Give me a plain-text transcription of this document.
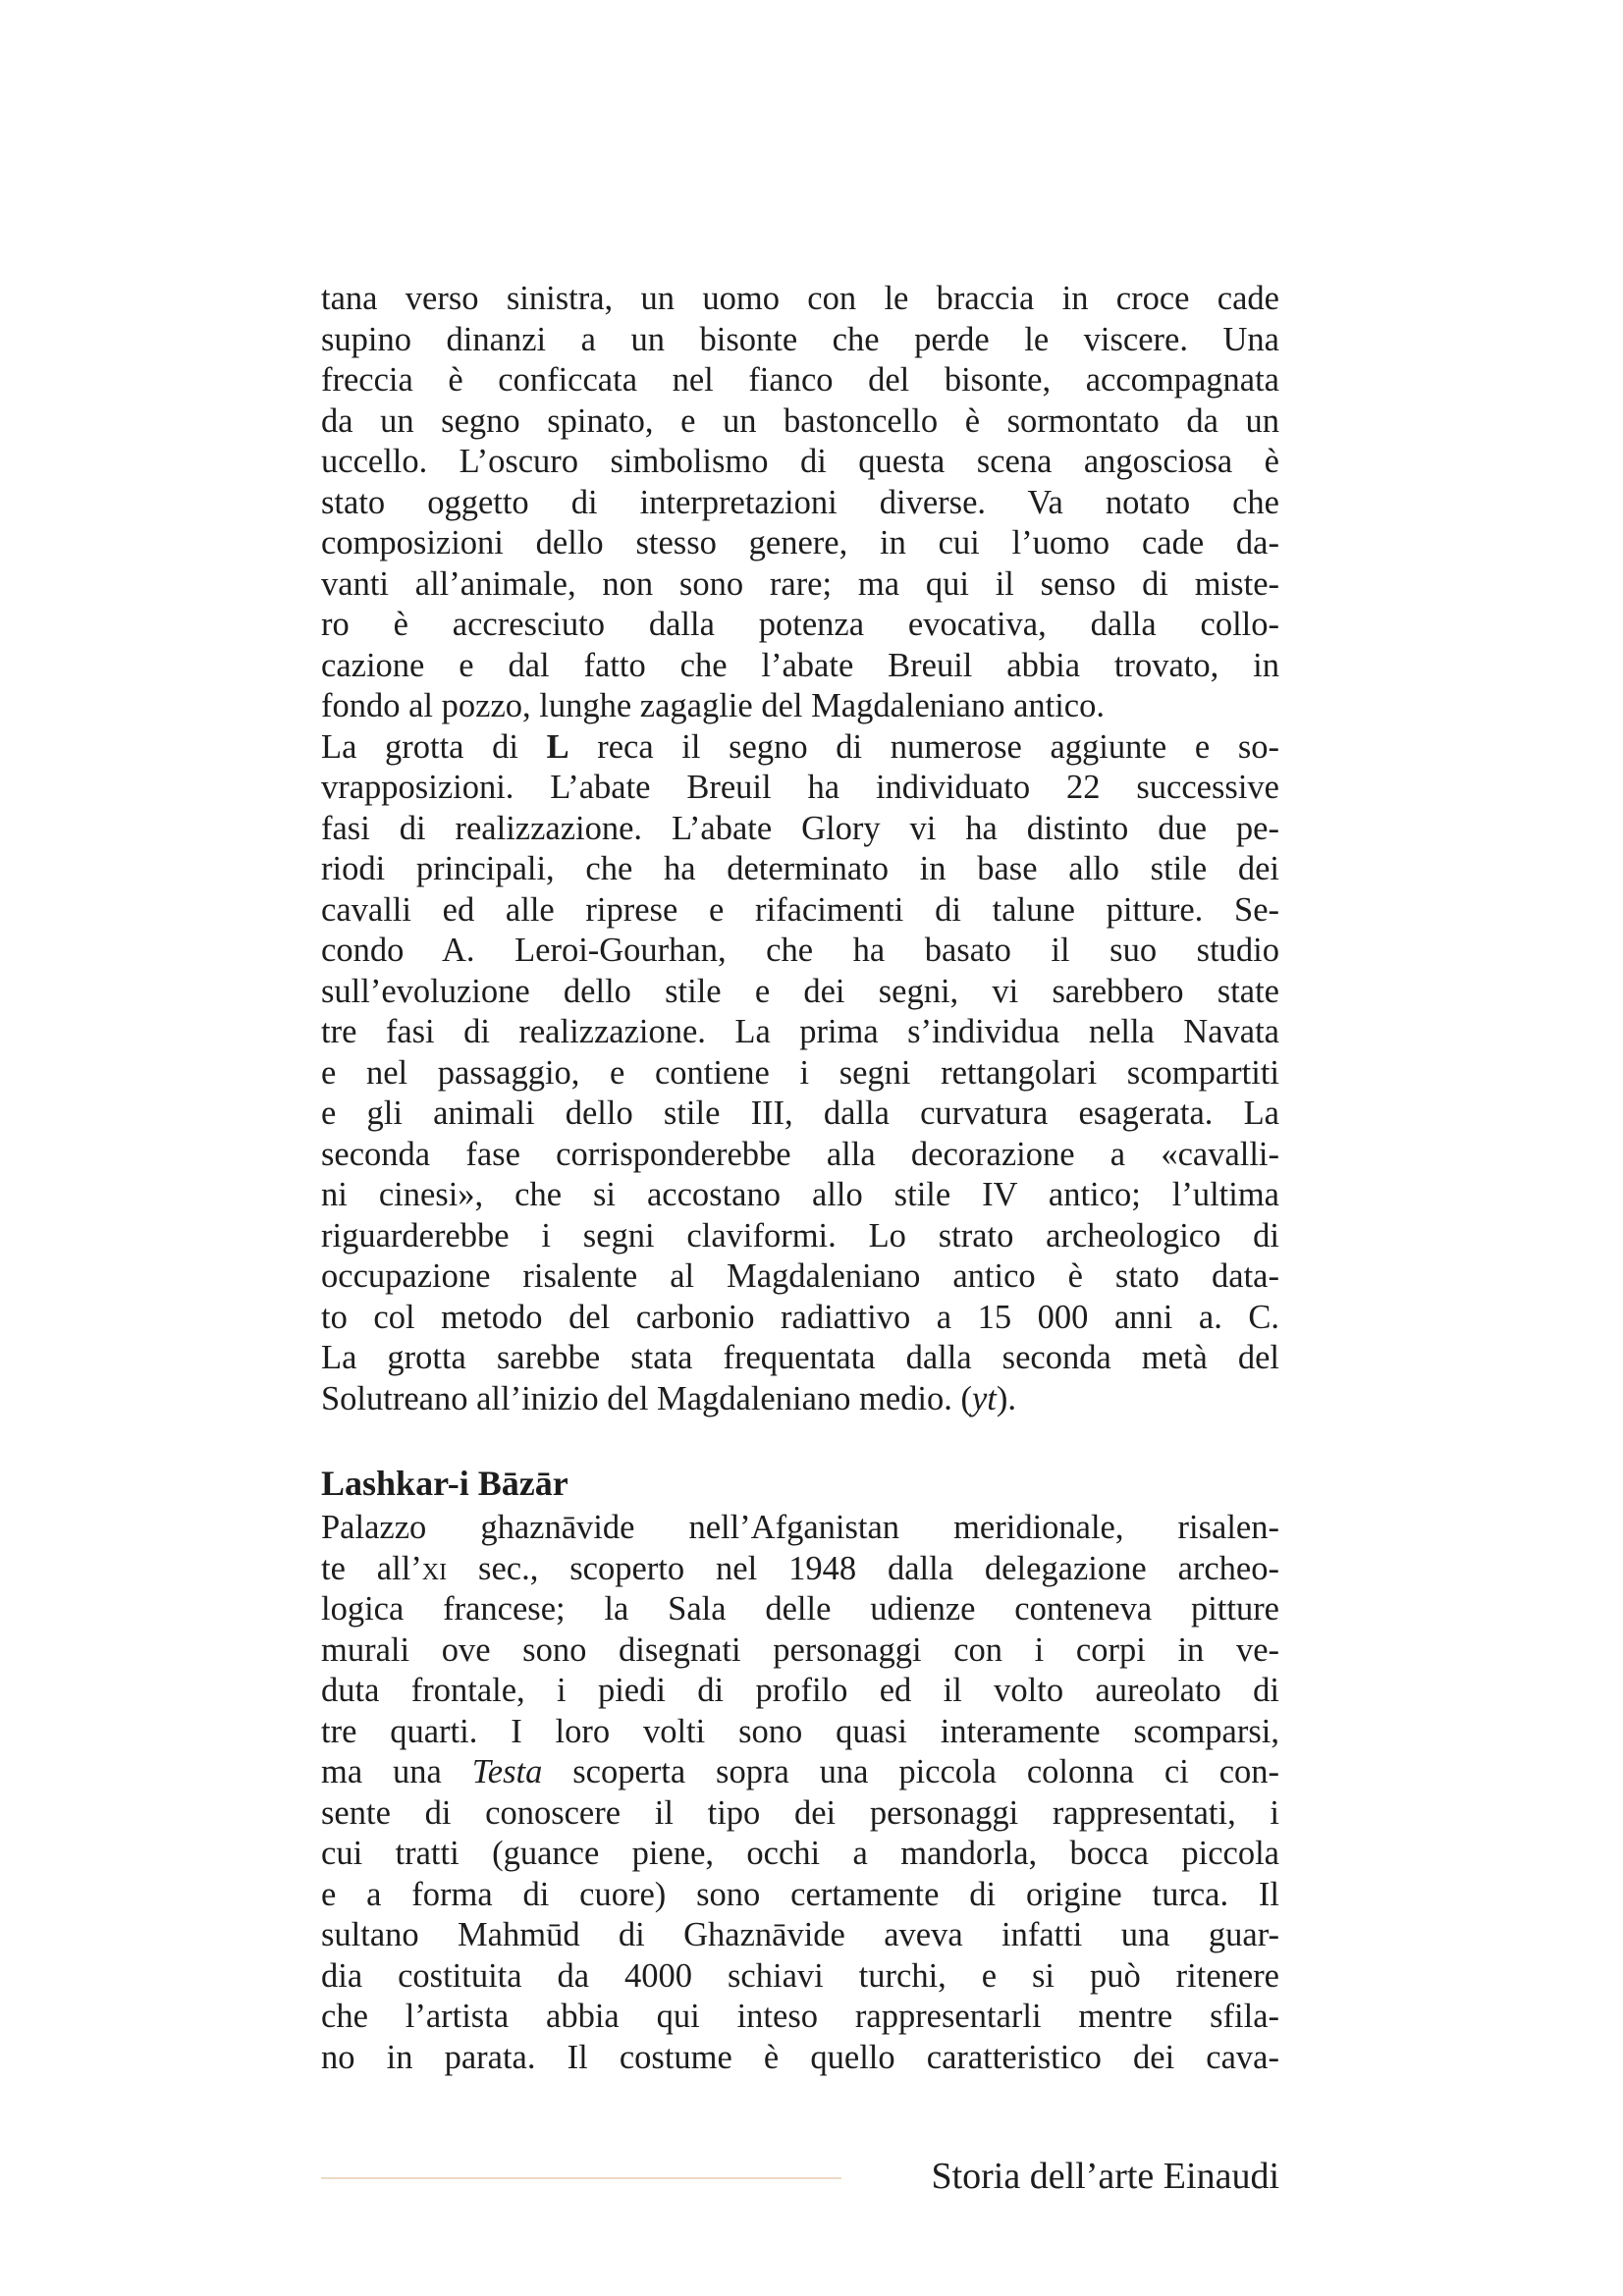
tana verso sinistra, un uomo con le braccia in croce cade
supino dinanzi a un bisonte che perde le viscere. Una
freccia è conficcata nel fianco del bisonte, accompagnata
da un segno spinato, e un bastoncello è sormontato da un
uccello. L’oscuro simbolismo di questa scena angosciosa è
stato oggetto di interpretazioni diverse. Va notato che
composizioni dello stesso genere, in cui l’uomo cade da-
vanti all’animale, non sono rare; ma qui il senso di miste-
ro è accresciuto dalla potenza evocativa, dalla collo-
cazione e dal fatto che l’abate Breuil abbia trovato, in
fondo al pozzo, lunghe zagaglie del Magdaleniano antico.
La grotta di L reca il segno di numerose aggiunte e so-
vrapposizioni. L’abate Breuil ha individuato 22 successive
fasi di realizzazione. L’abate Glory vi ha distinto due pe-
riodi principali, che ha determinato in base allo stile dei
cavalli ed alle riprese e rifacimenti di talune pitture. Se-
condo A. Leroi-Gourhan, che ha basato il suo studio
sull’evoluzione dello stile e dei segni, vi sarebbero state
tre fasi di realizzazione. La prima s’individua nella Navata
e nel passaggio, e contiene i segni rettangolari scompartiti
e gli animali dello stile III, dalla curvatura esagerata. La
seconda fase corrisponderebbe alla decorazione a «cavalli-
ni cinesi», che si accostano allo stile IV antico; l’ultima
riguarderebbe i segni claviformi. Lo strato archeologico di
occupazione risalente al Magdaleniano antico è stato data-
to col metodo del carbonio radiattivo a 15 000 anni a. C.
La grotta sarebbe stata frequentata dalla seconda metà del
Solutreano all’inizio del Magdaleniano medio. (yt).
Lashkar-i Bāzār
Palazzo ghaznāvide nell’Afganistan meridionale, risalen-
te all’xi sec., scoperto nel 1948 dalla delegazione archeo-
logica francese; la Sala delle udienze conteneva pitture
murali ove sono disegnati personaggi con i corpi in ve-
duta frontale, i piedi di profilo ed il volto aureolato di
tre quarti. I loro volti sono quasi interamente scomparsi,
ma una Testa scoperta sopra una piccola colonna ci con-
sente di conoscere il tipo dei personaggi rappresentati, i
cui tratti (guance piene, occhi a mandorla, bocca piccola
e a forma di cuore) sono certamente di origine turca. Il
sultano Mahmūd di Ghaznāvide aveva infatti una guar-
dia costituita da 4000 schiavi turchi, e si può ritenere
che l’artista abbia qui inteso rappresentarli mentre sfila-
no in parata. Il costume è quello caratteristico dei cava-
Storia dell’arte Einaudi
